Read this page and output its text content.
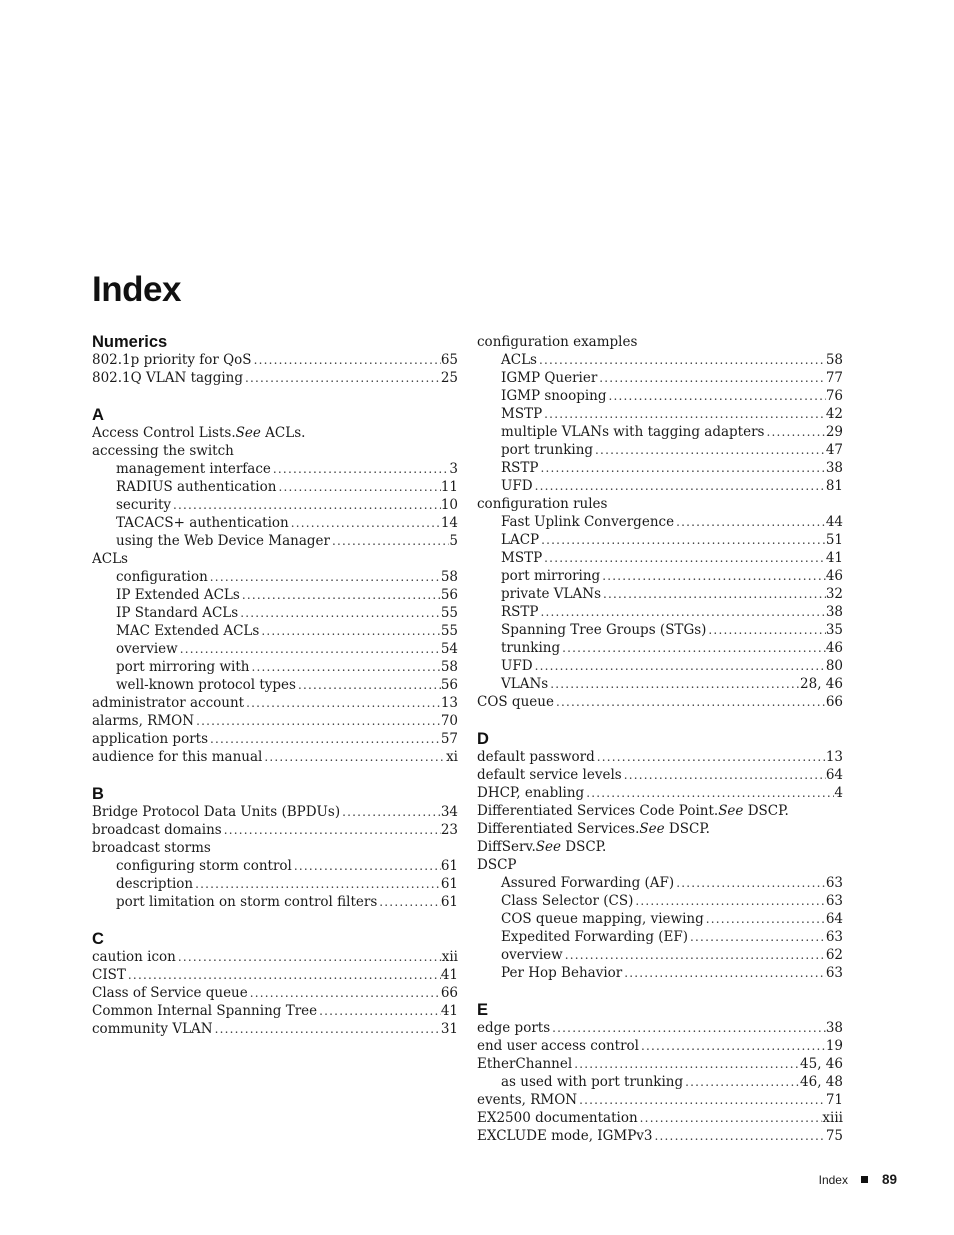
Index
Numerics
802.1p priority for QoS .....	65
802.1Q VLAN tagging .....	25
A
Access Control Lists. See ACLs.
accessing the switch
management interface .....	3
RADIUS authentication .....	11
security .....	10
TACACS+ authentication .....	14
using the Web Device Manager .....	5
ACLs
configuration .....	58
IP Extended ACLs .....	56
IP Standard ACLs .....	55
MAC Extended ACLs .....	55
overview .....	54
port mirroring with .....	58
well-known protocol types .....	56
administrator account .....	13
alarms, RMON .....	70
application ports .....	57
audience for this manual .....	xi
B
Bridge Protocol Data Units (BPDUs) .....	34
broadcast domains .....	23
broadcast storms
configuring storm control .....	61
description .....	61
port limitation on storm control filters .....	61
C
caution icon .....	xii
CIST .....	41
Class of Service queue .....	66
Common Internal Spanning Tree .....	41
community VLAN .....	31
configuration examples
ACLs .....	58
IGMP Querier .....	77
IGMP snooping .....	76
MSTP .....	42
multiple VLANs with tagging adapters .....	29
port trunking .....	47
RSTP .....	38
UFD .....	81
configuration rules
Fast Uplink Convergence .....	44
LACP .....	51
MSTP .....	41
port mirroring .....	46
private VLANs .....	32
RSTP .....	38
Spanning Tree Groups (STGs) .....	35
trunking .....	46
UFD .....	80
VLANs .....	28, 46
COS queue .....	66
D
default password .....	13
default service levels .....	64
DHCP, enabling .....	4
Differentiated Services Code Point. See DSCP.
Differentiated Services. See DSCP.
DiffServ. See DSCP.
DSCP
Assured Forwarding (AF) .....	63
Class Selector (CS) .....	63
COS queue mapping, viewing .....	64
Expedited Forwarding (EF) .....	63
overview .....	62
Per Hop Behavior .....	63
E
edge ports .....	38
end user access control .....	19
EtherChannel .....	45, 46
as used with port trunking .....	46, 48
events, RMON .....	71
EX2500 documentation .....	xiii
EXCLUDE mode, IGMPv3 .....	75
Index	89
